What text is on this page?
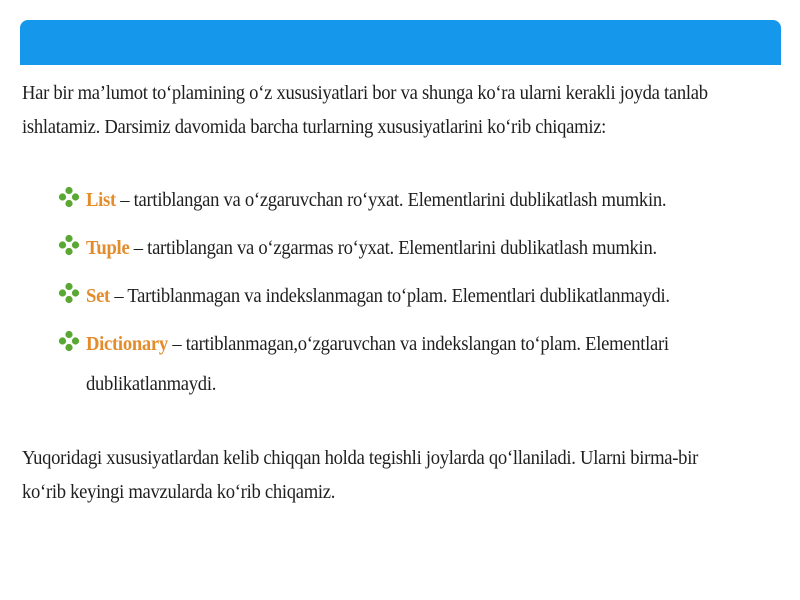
Har bir ma’lumot to‘plamining o‘z xususiyatlari bor va shunga ko‘ra ularni kerakli joyda tanlab
ishlatamiz. Darsimiz davomida barcha turlarning xususiyatlarini ko‘rib chiqamiz:
List – tartiblangan va o‘zgaruvchan ro‘yxat. Elementlarini dublikatlash mumkin.
Tuple – tartiblangan va o‘zgarmas ro‘yxat. Elementlarini dublikatlash mumkin.
Set – Tartiblanmagan va indekslanmagan to‘plam. Elementlari dublikatlanmaydi.
Dictionary – tartiblanmagan,o‘zgaruvchan va indekslangan to‘plam. Elementlari
dublikatlanmaydi.
Yuqoridagi xususiyatlardan kelib chiqqan holda tegishli joylarda qo‘llaniladi. Ularni birma-bir
ko‘rib keyingi mavzularda ko‘rib chiqamiz.
